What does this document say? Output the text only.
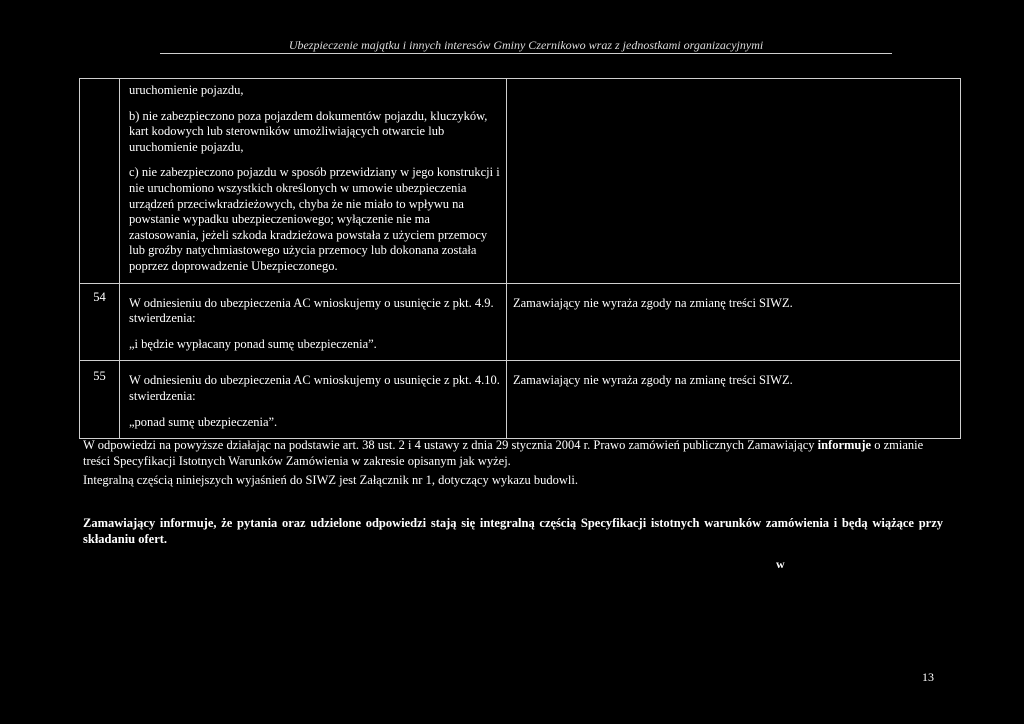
Ubezpieczenie majątku i innych interesów Gminy Czernikowo wraz z jednostkami organizacyjnymi

	uruchomienie pojazdu,

b) nie zabezpieczono poza pojazdem dokumentów pojazdu, kluczyków, kart kodowych lub sterowników umożliwiających otwarcie lub uruchomienie pojazdu,

c) nie zabezpieczono pojazdu w sposób przewidziany w jego konstrukcji i nie uruchomiono wszystkich określonych w umowie ubezpieczenia urządzeń przeciwkradzieżowych, chyba że nie miało to wpływu na powstanie wypadku ubezpieczeniowego; wyłączenie nie ma zastosowania, jeżeli szkoda kradzieżowa powstała z użyciem przemocy lub groźby natychmiastowego użycia przemocy lub dokonana została poprzez doprowadzenie Ubezpieczonego.	

54	W odniesieniu do ubezpieczenia AC wnioskujemy o usunięcie z pkt. 4.9. stwierdzenia:

„i będzie wypłacany ponad sumę ubezpieczenia”.	Zamawiający nie wyraża zgody na zmianę treści SIWZ.
55	W odniesieniu do ubezpieczenia AC wnioskujemy o usunięcie z pkt. 4.10. stwierdzenia:

„ponad sumę ubezpieczenia”.	Zamawiający nie wyraża zgody na zmianę treści SIWZ.

W odpowiedzi na powyższe działając na podstawie art. 38 ust. 2 i 4 ustawy z dnia 29 stycznia 2004 r. Prawo zamówień publicznych Zamawiający informuje o zmianie treści Specyfikacji Istotnych Warunków Zamówienia w zakresie opisanym jak wyżej.

Integralną częścią niniejszych wyjaśnień do SIWZ jest Załącznik nr 1, dotyczący wykazu budowli.

Zamawiający informuje, że pytania oraz udzielone odpowiedzi stają się integralną częścią Specyfikacji istotnych warunków zamówienia i będą wiążące przy składaniu ofert.

w
13
